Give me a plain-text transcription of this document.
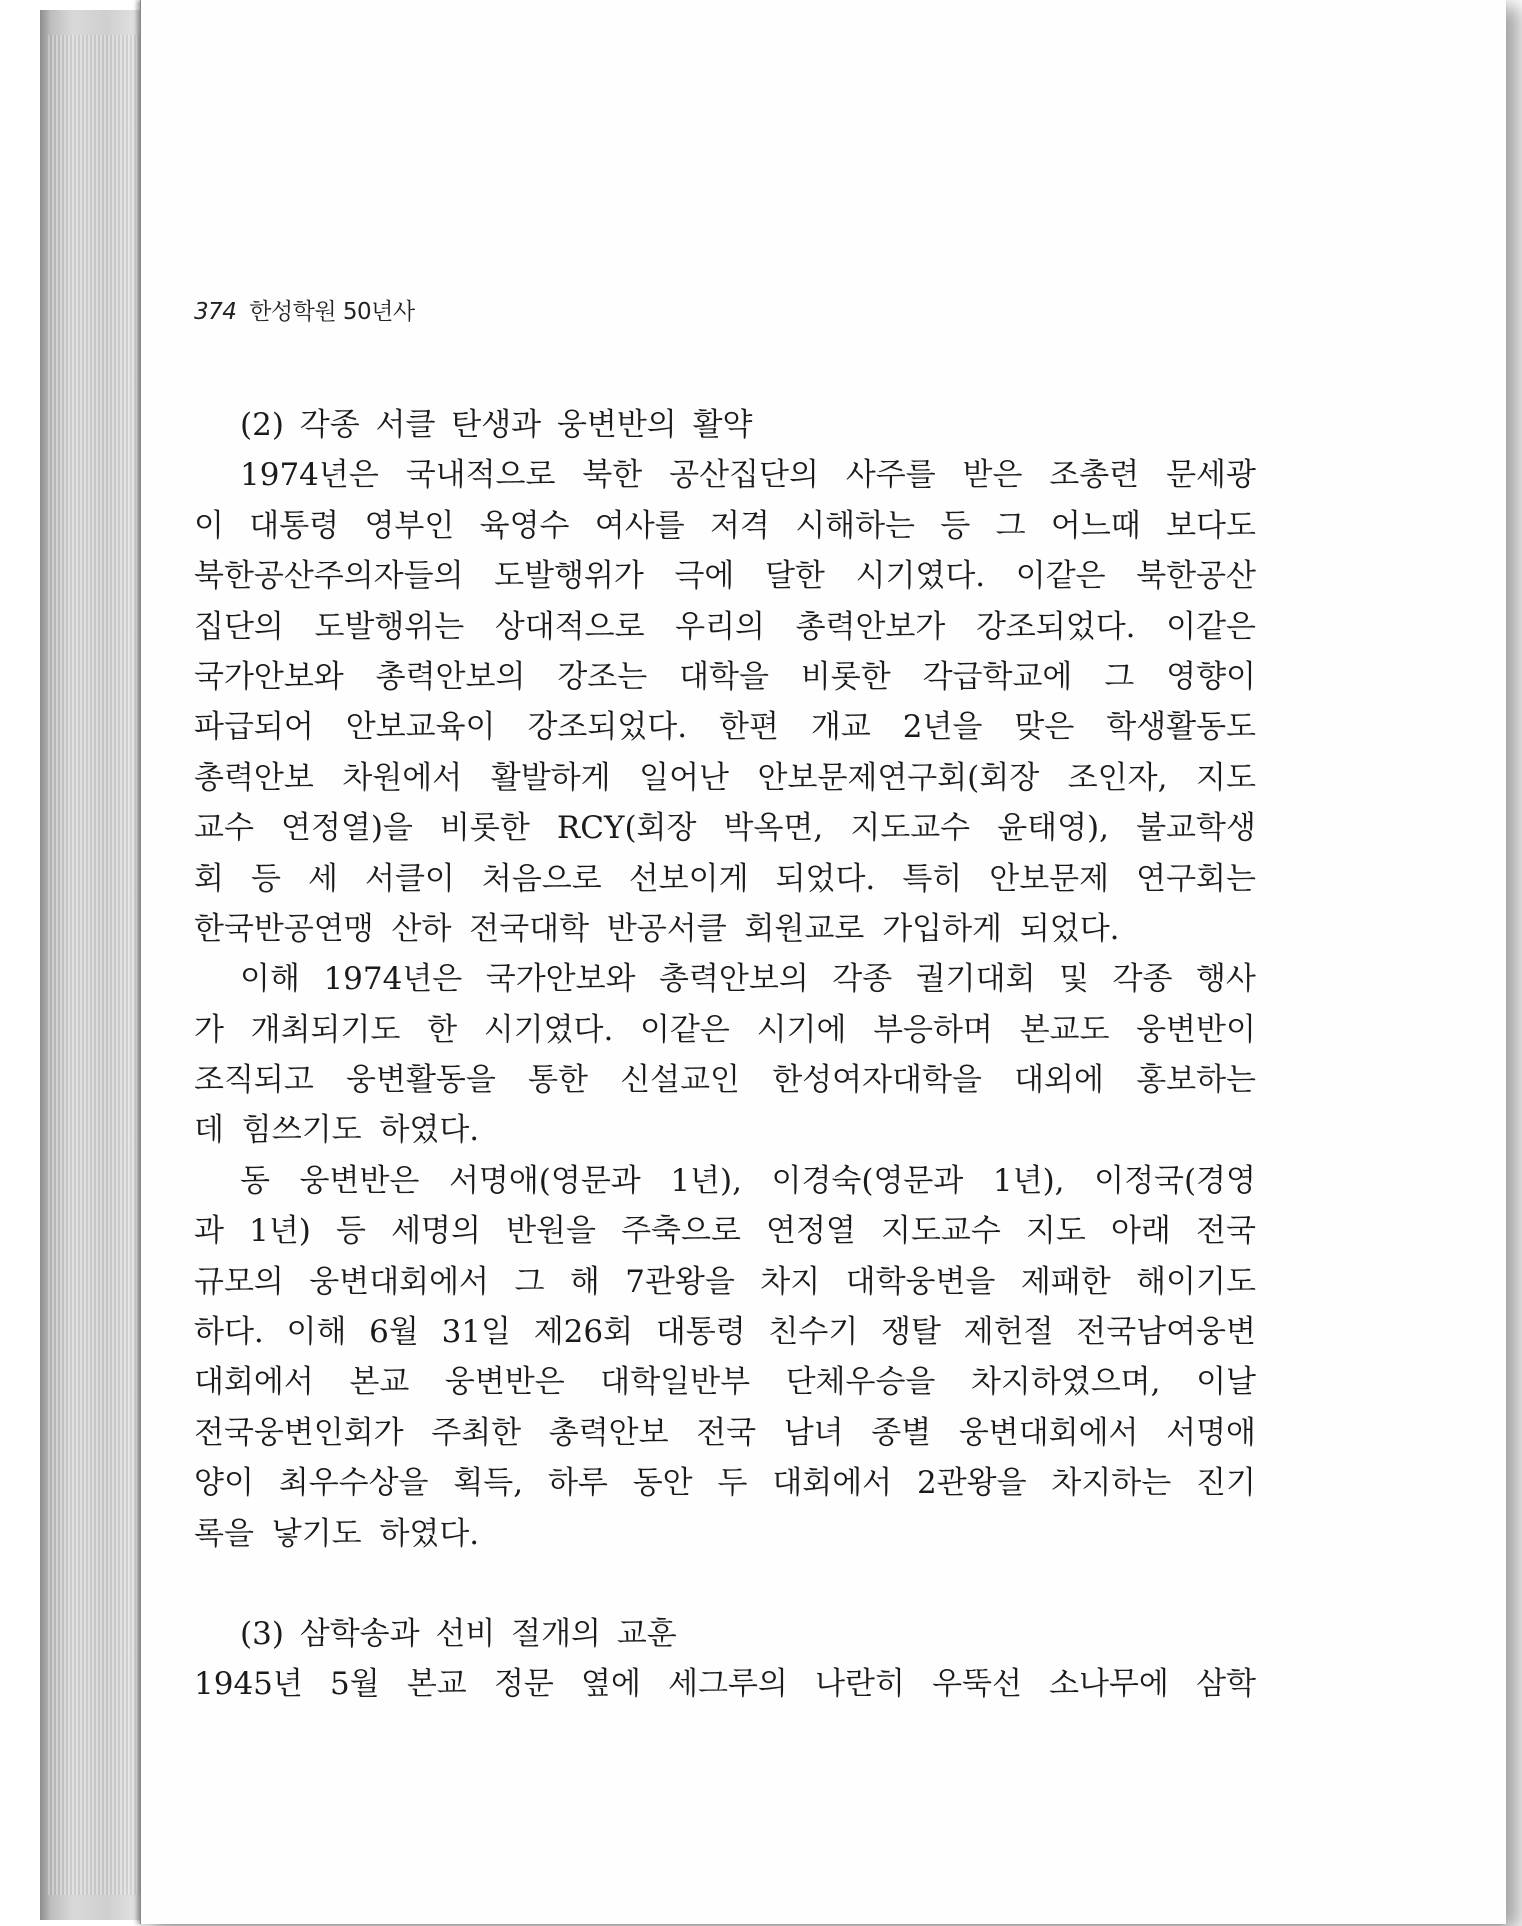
374 한성학원 50년사
(2) 각종 서클 탄생과 웅변반의 활약
1974년은 국내적으로 북한 공산집단의 사주를 받은 조총련 문세광
이 대통령 영부인 육영수 여사를 저격 시해하는 등 그 어느때 보다도
북한공산주의자들의 도발행위가 극에 달한 시기였다. 이같은 북한공산
집단의 도발행위는 상대적으로 우리의 총력안보가 강조되었다. 이같은
국가안보와 총력안보의 강조는 대학을 비롯한 각급학교에 그 영향이
파급되어 안보교육이 강조되었다. 한편 개교 2년을 맞은 학생활동도
총력안보 차원에서 활발하게 일어난 안보문제연구회(회장 조인자, 지도
교수 연정열)을 비롯한 RCY(회장 박옥면, 지도교수 윤태영), 불교학생
회 등 세 서클이 처음으로 선보이게 되었다. 특히 안보문제 연구회는
한국반공연맹 산하 전국대학 반공서클 회원교로 가입하게 되었다.
이해 1974년은 국가안보와 총력안보의 각종 궐기대회 및 각종 행사
가 개최되기도 한 시기였다. 이같은 시기에 부응하며 본교도 웅변반이
조직되고 웅변활동을 통한 신설교인 한성여자대학을 대외에 홍보하는
데 힘쓰기도 하였다.
동 웅변반은 서명애(영문과 1년), 이경숙(영문과 1년), 이정국(경영
과 1년) 등 세명의 반원을 주축으로 연정열 지도교수 지도 아래 전국
규모의 웅변대회에서 그 해 7관왕을 차지 대학웅변을 제패한 해이기도
하다. 이해 6월 31일 제26회 대통령 친수기 쟁탈 제헌절 전국남여웅변
대회에서 본교 웅변반은 대학일반부 단체우승을 차지하였으며, 이날
전국웅변인회가 주최한 총력안보 전국 남녀 종별 웅변대회에서 서명애
양이 최우수상을 획득, 하루 동안 두 대회에서 2관왕을 차지하는 진기
록을 낳기도 하였다.
(3) 삼학송과 선비 절개의 교훈
1945년 5월 본교 정문 옆에 세그루의 나란히 우뚝선 소나무에 삼학
